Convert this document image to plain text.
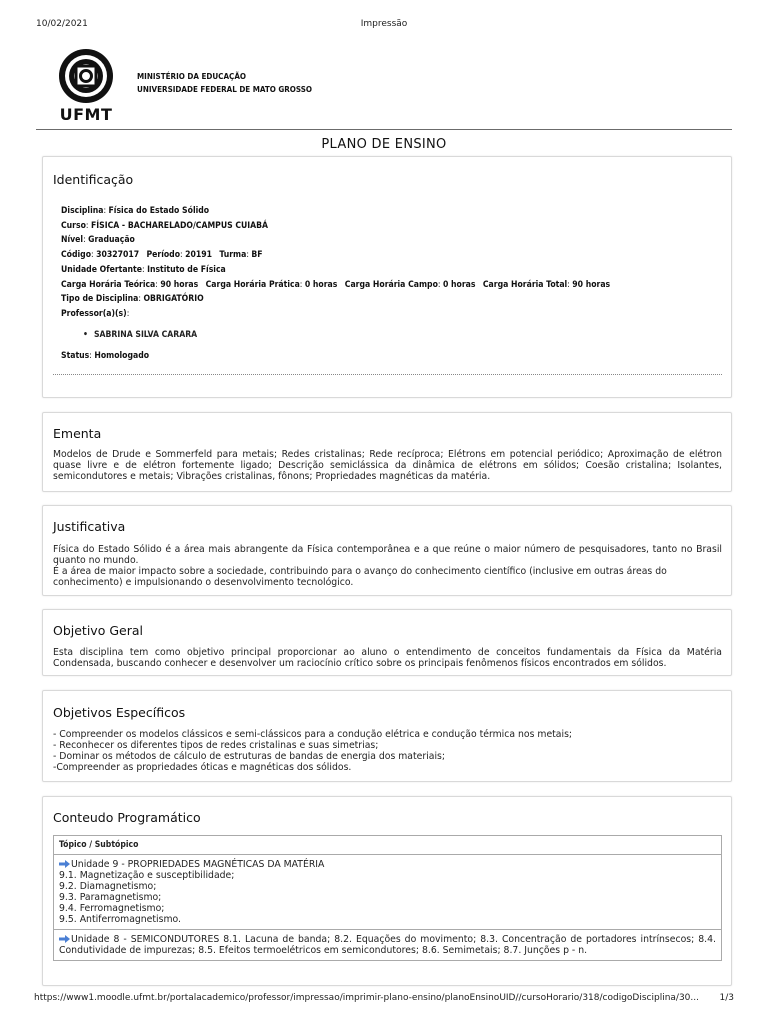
10/02/2021	Impressão
UFMT
MINISTÉRIO DA EDUCAÇÃO
UNIVERSIDADE FEDERAL DE MATO GROSSO
PLANO DE ENSINO
Identificação
Disciplina: Física do Estado Sólido
Curso: FÍSICA - BACHARELADO/CAMPUS CUIABÁ
Nível: Graduação
Código: 30327017 Período: 20191 Turma: BF
Unidade Ofertante: Instituto de Física
Carga Horária Teórica: 90 horas Carga Horária Prática: 0 horas Carga Horária Campo: 0 horas Carga Horária Total: 90 horas
Tipo de Disciplina: OBRIGATÓRIO
Professor(a)(s):
• SABRINA SILVA CARARA
Status: Homologado
Ementa
Modelos de Drude e Sommerfeld para metais; Redes cristalinas; Rede recíproca; Elétrons em potencial periódico; Aproximação de elétron quase livre e de elétron fortemente ligado; Descrição semiclássica da dinâmica de elétrons em sólidos; Coesão cristalina; Isolantes, semicondutores e metais; Vibrações cristalinas, fônons; Propriedades magnéticas da matéria.
Justificativa
Física do Estado Sólido é a área mais abrangente da Física contemporânea e a que reúne o maior número de pesquisadores, tanto no Brasil quanto no mundo.
É a área de maior impacto sobre a sociedade, contribuindo para o avanço do conhecimento científico (inclusive em outras áreas do conhecimento) e impulsionando o desenvolvimento tecnológico.
Objetivo Geral
Esta disciplina tem como objetivo principal proporcionar ao aluno o entendimento de conceitos fundamentais da Física da Matéria Condensada, buscando conhecer e desenvolver um raciocínio crítico sobre os principais fenômenos físicos encontrados em sólidos.
Objetivos Específicos
- Compreender os modelos clássicos e semi-clássicos para a condução elétrica e condução térmica nos metais;
- Reconhecer os diferentes tipos de redes cristalinas e suas simetrias;
- Dominar os métodos de cálculo de estruturas de bandas de energia dos materiais;
-Compreender as propriedades óticas e magnéticas dos sólidos.
Conteudo Programático
Tópico / Subtópico
Unidade 9 - PROPRIEDADES MAGNÉTICAS DA MATÉRIA
9.1. Magnetização e susceptibilidade;
9.2. Diamagnetismo;
9.3. Paramagnetismo;
9.4. Ferromagnetismo;
9.5. Antiferromagnetismo.
Unidade 8 - SEMICONDUTORES 8.1. Lacuna de banda; 8.2. Equações do movimento; 8.3. Concentração de portadores intrínsecos; 8.4. Condutividade de impurezas; 8.5. Efeitos termoelétricos em semicondutores; 8.6. Semimetais; 8.7. Junções p - n.
https://www1.moodle.ufmt.br/portalacademico/professor/impressao/imprimir-plano-ensino/planoEnsinoUID//cursoHorario/318/codigoDisciplina/30...	1/3
